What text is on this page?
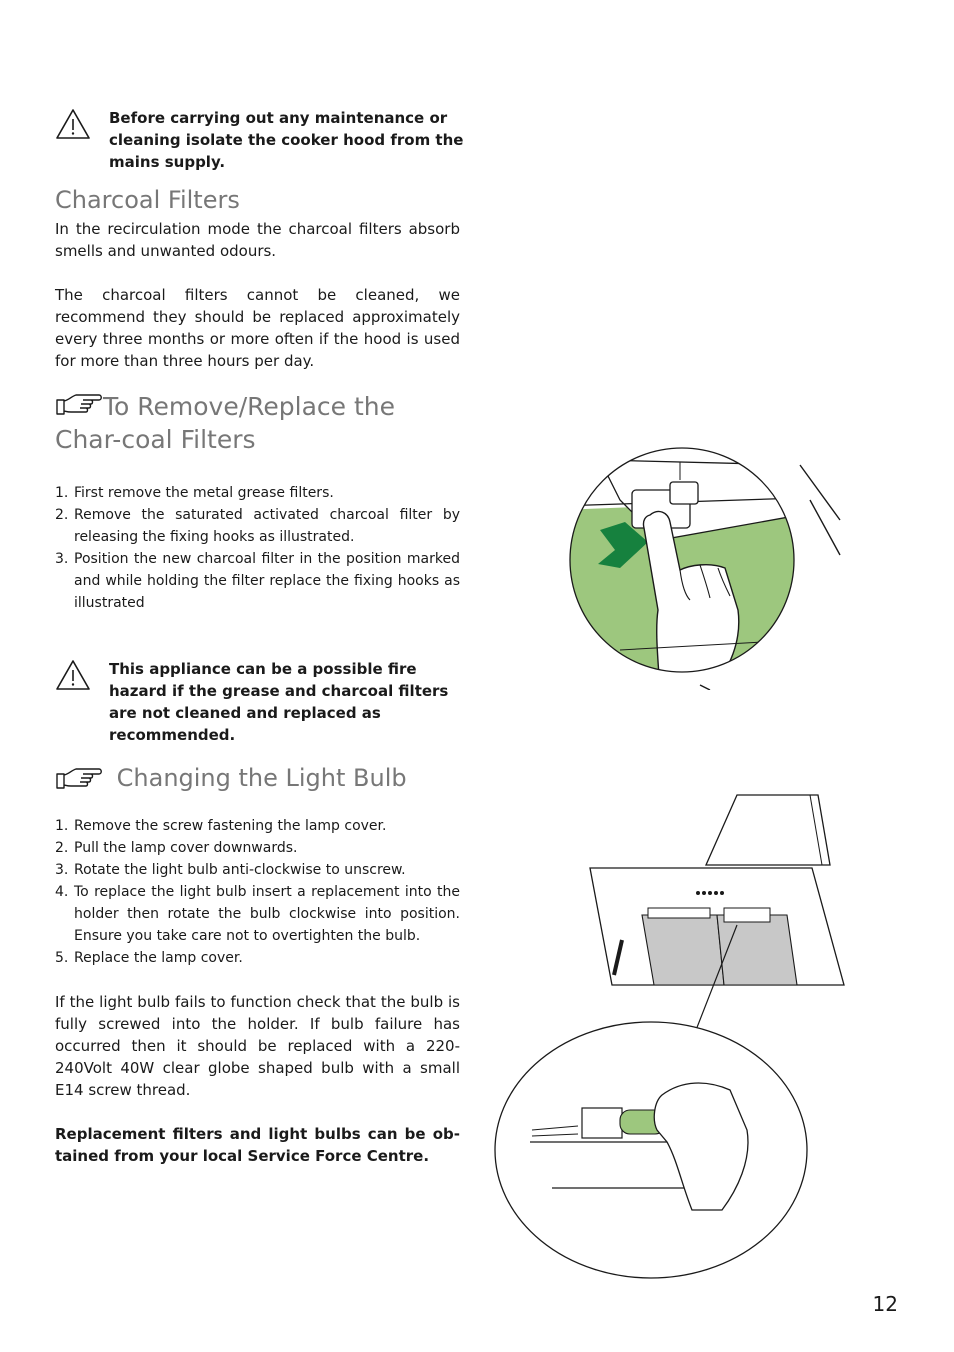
Before carrying out any maintenance or cleaning isolate the cooker hood from the mains supply.
Charcoal Filters

In the recirculation mode the charcoal filters absorb smells and unwanted odours.

The charcoal filters cannot be cleaned, we recommend they should be replaced approximately every three months or more often if the hood is used for more than three hours per day.

To Remove/Replace the Char-coal Filters
1. First remove the metal grease filters.
2. Remove the saturated activated charcoal filter by releasing the fixing hooks as illustrated.
3. Position the new charcoal filter in the position marked and while holding the filter replace the fixing hooks as illustrated
This appliance can be a possible fire hazard if the grease and charcoal filters are not cleaned and replaced as recommended.
Changing the Light Bulb
1. Remove the screw fastening the lamp cover.
2. Pull the lamp cover downwards.
3. Rotate the light bulb anti-clockwise to unscrew.
4. To replace the light bulb insert a replacement into the holder then rotate the bulb clockwise into position. Ensure you take care not to overtighten the bulb.
5. Replace the lamp cover.

If the light bulb fails to function check that the bulb is fully screwed into the holder. If bulb failure has occurred then it should be replaced with a 220-240Volt 40W clear globe shaped bulb with a small E14 screw thread.

Replacement filters and light bulbs can be ob-tained from your local Service Force Centre.

12
